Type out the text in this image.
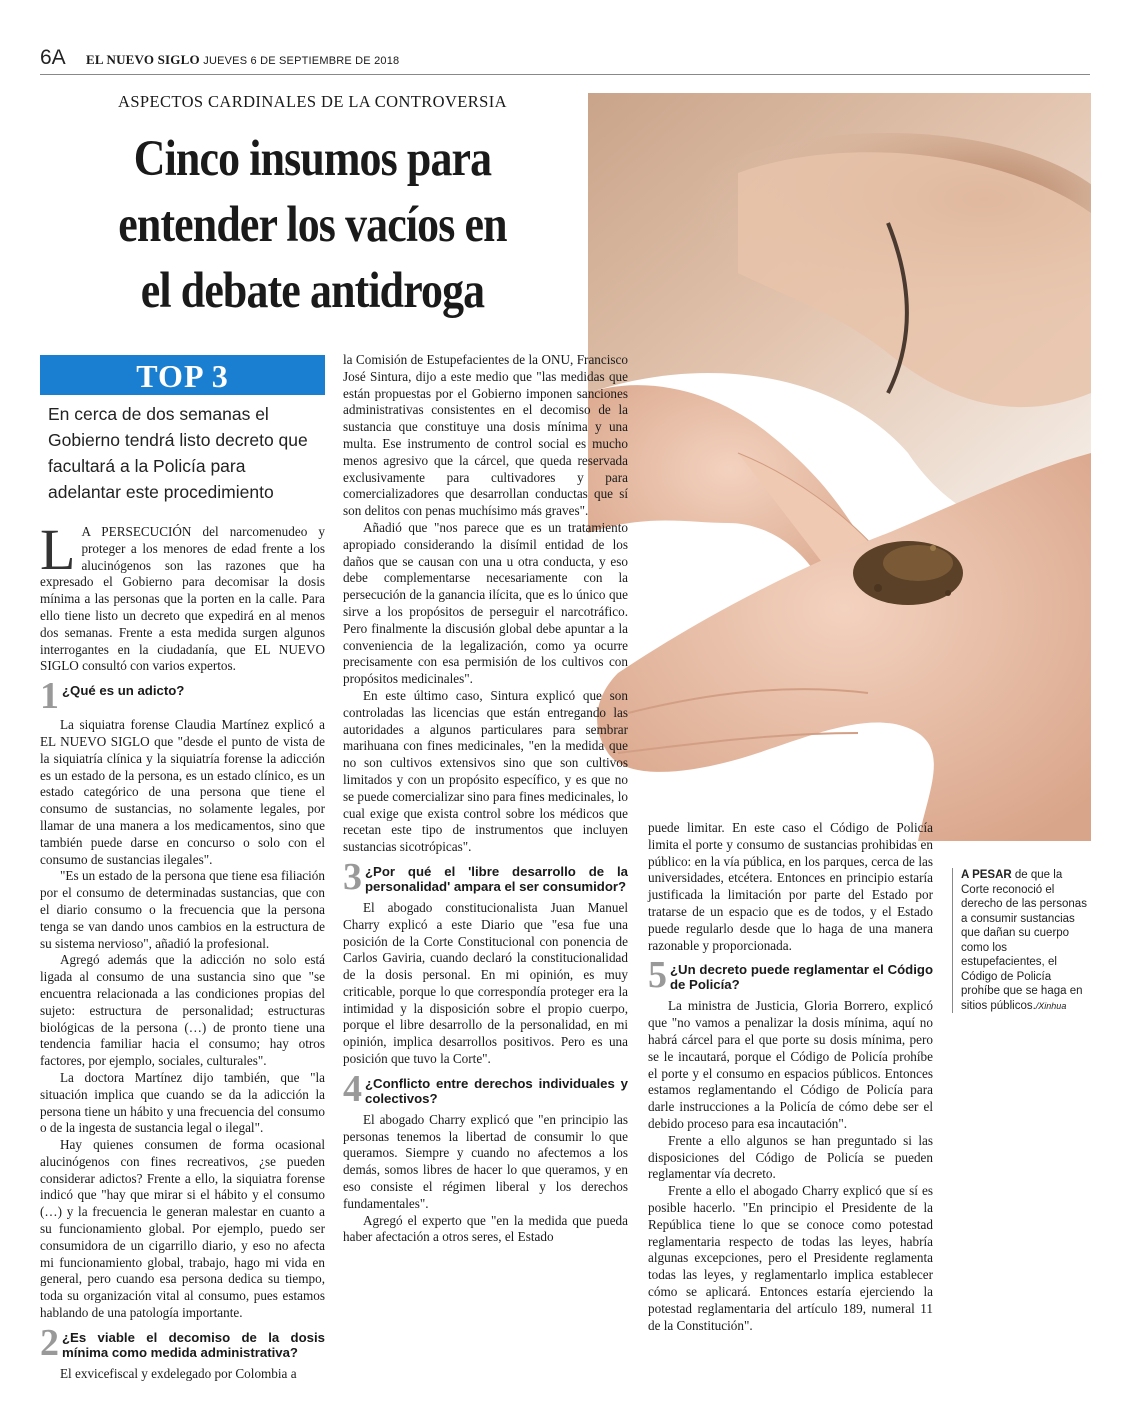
6A EL NUEVO SIGLO JUEVES 6 DE SEPTIEMBRE DE 2018
ASPECTOS CARDINALES DE LA CONTROVERSIA
Cinco insumos para
entender los vacíos en
el debate antidroga
TOP 3
En cerca de dos semanas el Gobierno tendrá listo decreto que facultará a la Policía para adelantar este procedimiento

L A PERSECUCIÓN del narcomenudeo y proteger a los menores de edad frente a los alucinógenos son las razones que ha expresado el Gobierno para decomisar la dosis mínima a las personas que la porten en la calle. Para ello tiene listo un decreto que expedirá en al menos dos semanas. Frente a esta medida surgen algunos interrogantes en la ciudadanía, que EL NUEVO SIGLO consultó con varios expertos.

1 ¿Qué es un adicto?

La siquiatra forense Claudia Martínez explicó a EL NUEVO SIGLO que "desde el punto de vista de la siquiatría clínica y la siquiatría forense la adicción es un estado de la persona, es un estado clínico, es un estado categórico de una persona que tiene el consumo de sustancias, no solamente legales, por llamar de una manera a los medicamentos, sino que también puede darse en concurso o solo con el consumo de sustancias ilegales".

"Es un estado de la persona que tiene esa filiación por el consumo de determinadas sustancias, que con el diario consumo o la frecuencia que la persona tenga se van dando unos cambios en la estructura de su sistema nervioso", añadió la profesional.

Agregó además que la adicción no solo está ligada al consumo de una sustancia sino que "se encuentra relacionada a las condiciones propias del sujeto: estructura de personalidad; estructuras biológicas de la persona (…) de pronto tiene una tendencia familiar hacia el consumo; hay otros factores, por ejemplo, sociales, culturales".

La doctora Martínez dijo también, que "la situación implica que cuando se da la adicción la persona tiene un hábito y una frecuencia del consumo o de la ingesta de sustancia legal o ilegal".

Hay quienes consumen de forma ocasional alucinógenos con fines recreativos, ¿se pueden considerar adictos? Frente a ello, la siquiatra forense indicó que "hay que mirar si el hábito y el consumo (…) y la frecuencia le generan malestar en cuanto a su funcionamiento global. Por ejemplo, puedo ser consumidora de un cigarrillo diario, y eso no afecta mi funcionamiento global, trabajo, hago mi vida en general, pero cuando esa persona dedica su tiempo, toda su organización vital al consumo, pues estamos hablando de una patología importante.

2 ¿Es viable el decomiso de la dosis mínima como medida administrativa?

El exvicefiscal y exdelegado por Colombia a

la Comisión de Estupefacientes de la ONU, Francisco José Sintura, dijo a este medio que "las medidas que están propuestas por el Gobierno imponen sanciones administrativas consistentes en el decomiso de la sustancia que constituye una dosis mínima y una multa. Ese instrumento de control social es mucho menos agresivo que la cárcel, que queda reservada exclusivamente para cultivadores y para comercializadores que desarrollan conductas que sí son delitos con penas muchísimo más graves".

Añadió que "nos parece que es un tratamiento apropiado considerando la disímil entidad de los daños que se causan con una u otra conducta, y eso debe complementarse necesariamente con la persecución de la ganancia ilícita, que es lo único que sirve a los propósitos de perseguir el narcotráfico. Pero finalmente la discusión global debe apuntar a la conveniencia de la legalización, como ya ocurre precisamente con esa permisión de los cultivos con propósitos medicinales".

En este último caso, Sintura explicó que son controladas las licencias que están entregando las autoridades a algunos particulares para sembrar marihuana con fines medicinales, "en la medida que no son cultivos extensivos sino que son cultivos limitados y con un propósito específico, y es que no se puede comercializar sino para fines medicinales, lo cual exige que exista control sobre los médicos que recetan este tipo de instrumentos que incluyen sustancias sicotrópicas".

3 ¿Por qué el 'libre desarrollo de la personalidad' ampara el ser consumidor?

El abogado constitucionalista Juan Manuel Charry explicó a este Diario que "esa fue una posición de la Corte Constitucional con ponencia de Carlos Gaviria, cuando declaró la constitucionalidad de la dosis personal. En mi opinión, es muy criticable, porque lo que correspondía proteger era la intimidad y la disposición sobre el propio cuerpo, porque el libre desarrollo de la personalidad, en mi opinión, implica desarrollos positivos. Pero es una posición que tuvo la Corte".

4 ¿Conflicto entre derechos individuales y colectivos?

El abogado Charry explicó que "en principio las personas tenemos la libertad de consumir lo que queramos. Siempre y cuando no afectemos a los demás, somos libres de hacer lo que queramos, y en eso consiste el régimen liberal y los derechos fundamentales".

Agregó el experto que "en la medida que pueda haber afectación a otros seres, el Estado

puede limitar. En este caso el Código de Policía limita el porte y consumo de sustancias prohibidas en público: en la vía pública, en los parques, cerca de las universidades, etcétera. Entonces en principio estaría justificada la limitación por parte del Estado por tratarse de un espacio que es de todos, y el Estado puede regularlo desde que lo haga de una manera razonable y proporcionada.

5 ¿Un decreto puede reglamentar el Código de Policía?

La ministra de Justicia, Gloria Borrero, explicó que "no vamos a penalizar la dosis mínima, aquí no habrá cárcel para el que porte su dosis mínima, pero se le incautará, porque el Código de Policía prohíbe el porte y el consumo en espacios públicos. Entonces estamos reglamentando el Código de Policía para darle instrucciones a la Policía de cómo debe ser el debido proceso para esa incautación".

Frente a ello algunos se han preguntado si las disposiciones del Código de Policía se pueden reglamentar vía decreto.

Frente a ello el abogado Charry explicó que sí es posible hacerlo. "En principio el Presidente de la República tiene lo que se conoce como potestad reglamentaria respecto de todas las leyes, habría algunas excepciones, pero el Presidente reglamenta todas las leyes, y reglamentarlo implica establecer cómo se aplicará. Entonces estaría ejerciendo la potestad reglamentaria del artículo 189, numeral 11 de la Constitución".

A PESAR de que la Corte reconoció el derecho de las personas a consumir sustancias que dañan su cuerpo como los estupefacientes, el Código de Policía prohíbe que se haga en sitios públicos./Xinhua
